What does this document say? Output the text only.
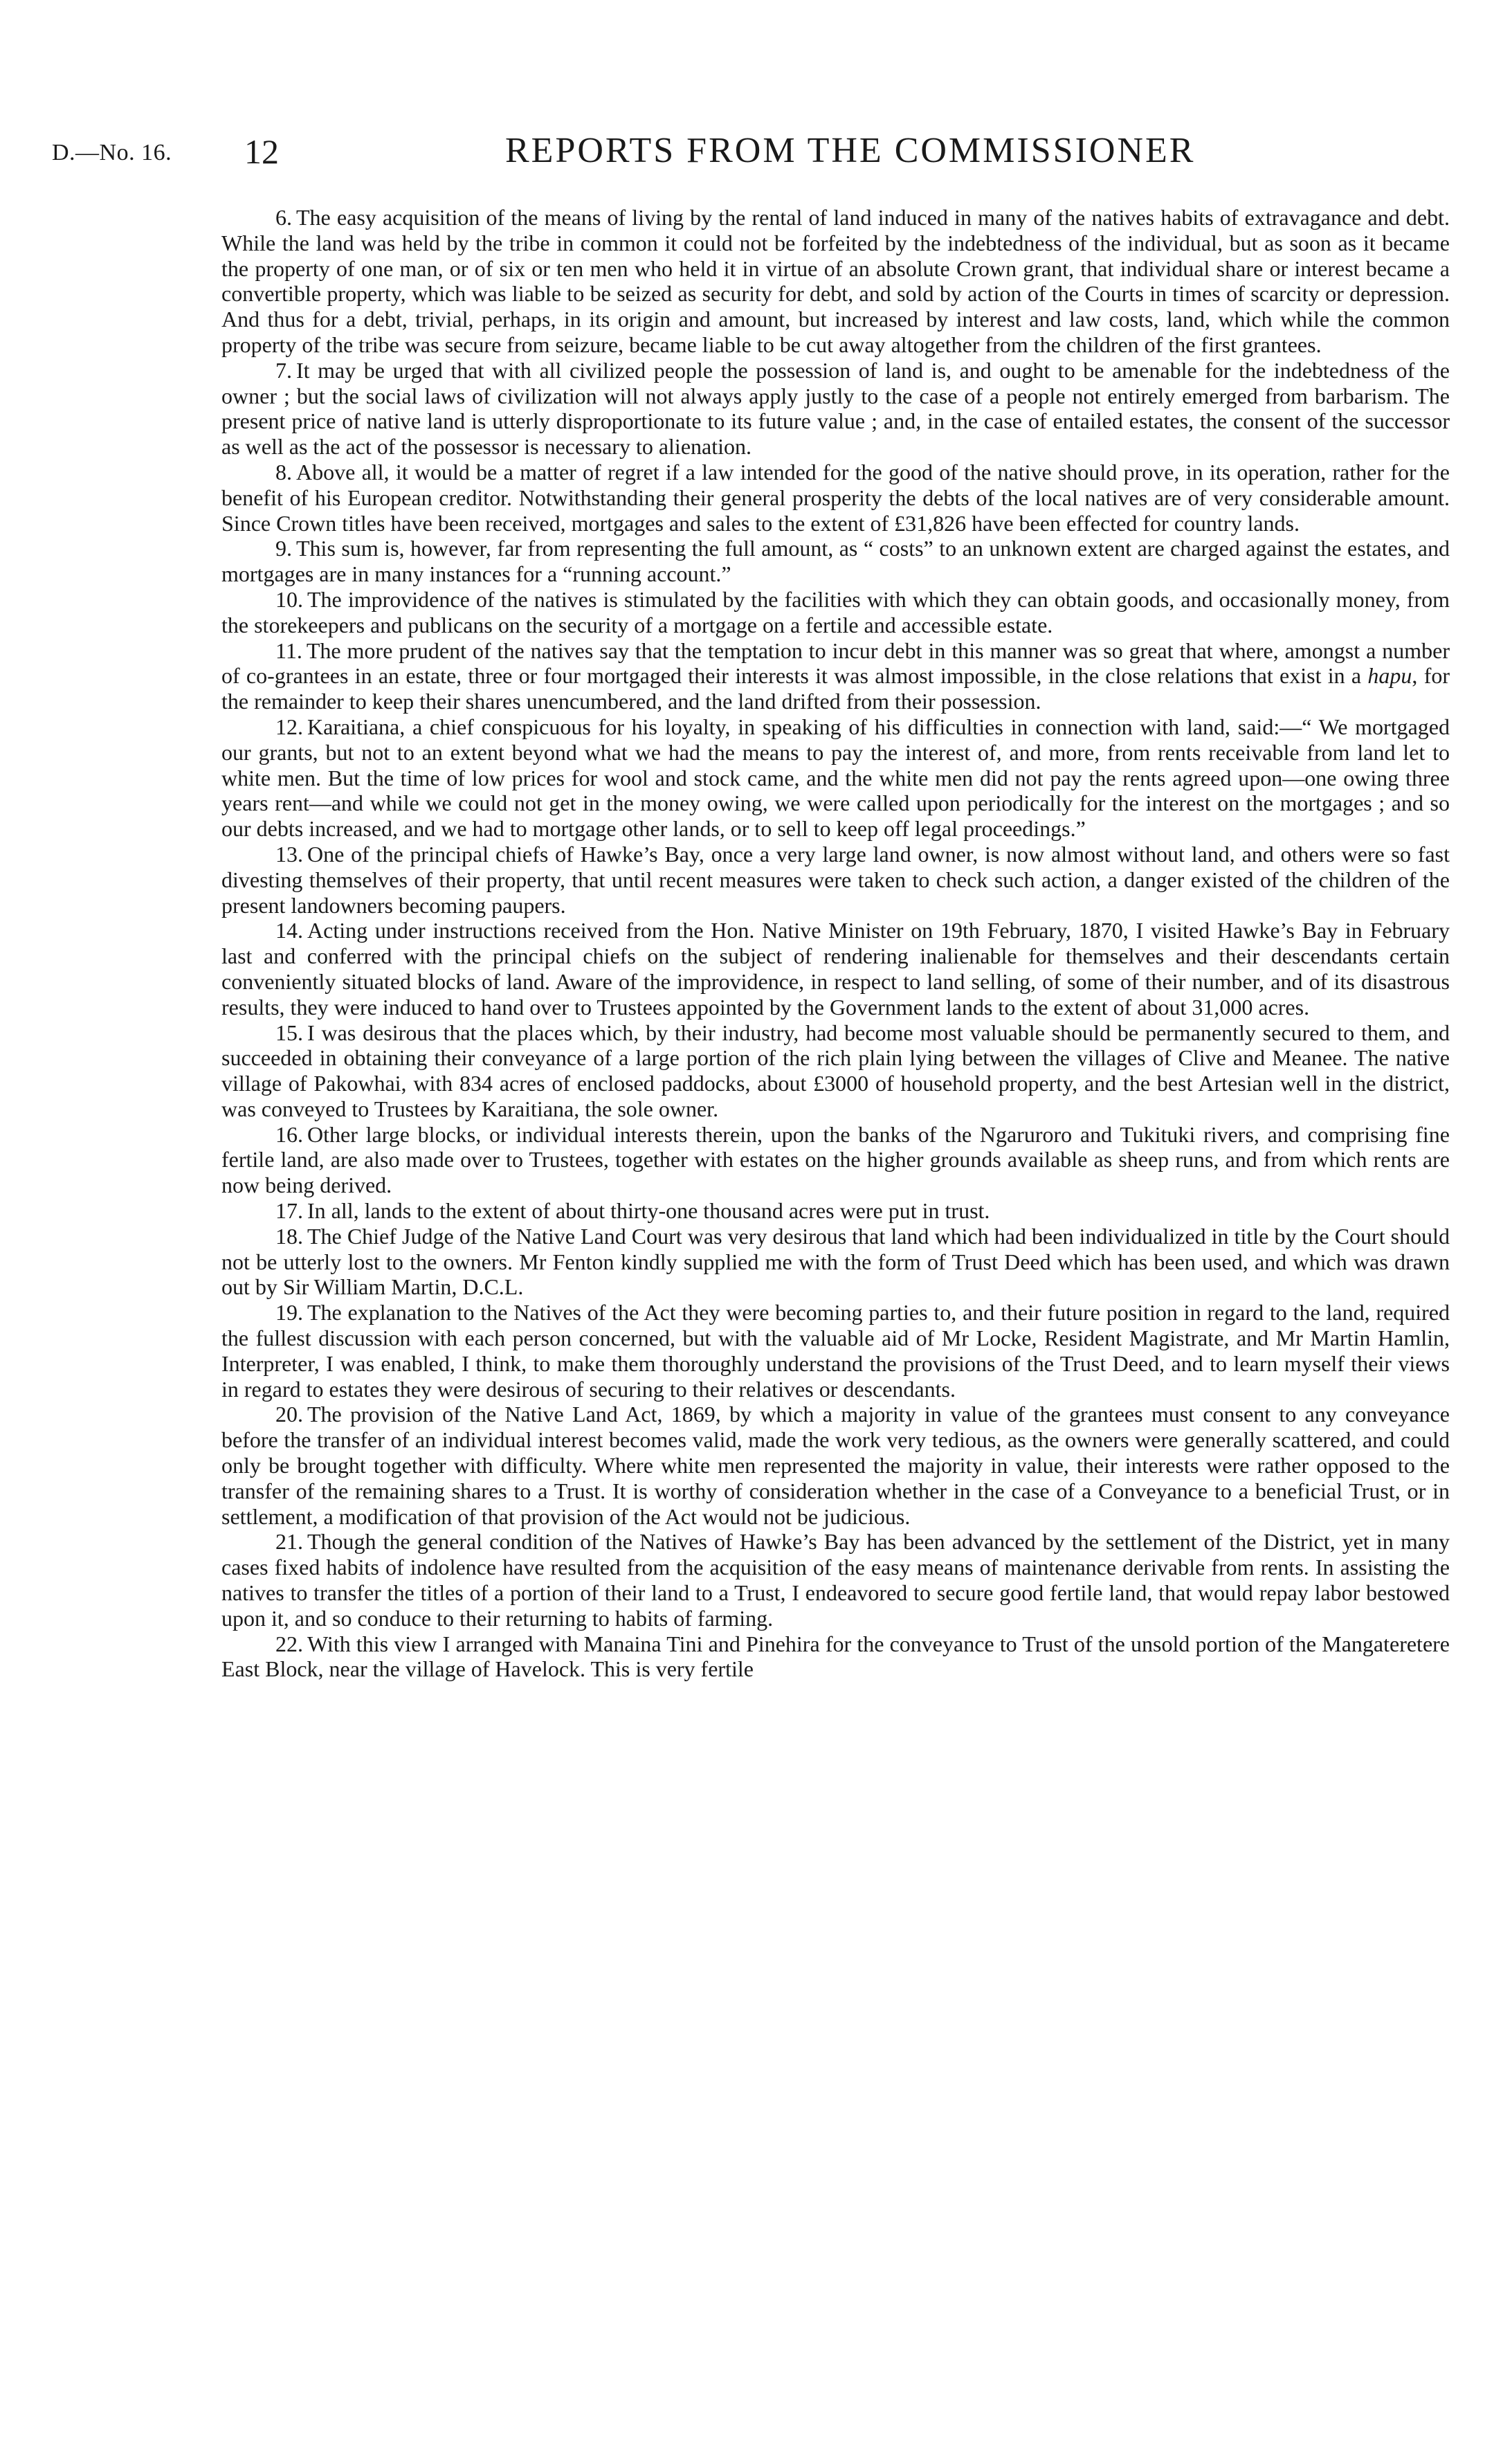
D.—No. 16. 12	REPORTS FROM THE COMMISSIONER

6. The easy acquisition of the means of living by the rental of land induced in many of the natives habits of extravagance and debt. While the land was held by the tribe in common it could not be forfeited by the indebtedness of the individual, but as soon as it became the property of one man, or of six or ten men who held it in virtue of an absolute Crown grant, that individual share or interest became a convertible property, which was liable to be seized as security for debt, and sold by action of the Courts in times of scarcity or depression. And thus for a debt, trivial, perhaps, in its origin and amount, but increased by interest and law costs, land, which while the common property of the tribe was secure from seizure, became liable to be cut away altogether from the children of the first grantees.

7. It may be urged that with all civilized people the possession of land is, and ought to be amenable for the indebtedness of the owner ; but the social laws of civilization will not always apply justly to the case of a people not entirely emerged from barbarism. The present price of native land is utterly disproportionate to its future value ; and, in the case of entailed estates, the consent of the successor as well as the act of the possessor is necessary to alienation.

8. Above all, it would be a matter of regret if a law intended for the good of the native should prove, in its operation, rather for the benefit of his European creditor. Notwithstanding their general prosperity the debts of the local natives are of very considerable amount. Since Crown titles have been received, mortgages and sales to the extent of £31,826 have been effected for country lands.

9. This sum is, however, far from representing the full amount, as “ costs” to an unknown extent are charged against the estates, and mortgages are in many instances for a “running account.”

10. The improvidence of the natives is stimulated by the facilities with which they can obtain goods, and occasionally money, from the storekeepers and publicans on the security of a mortgage on a fertile and accessible estate.

11. The more prudent of the natives say that the temptation to incur debt in this manner was so great that where, amongst a number of co-grantees in an estate, three or four mortgaged their interests it was almost impossible, in the close relations that exist in a hapu, for the remainder to keep their shares unencumbered, and the land drifted from their possession.

12. Karaitiana, a chief conspicuous for his loyalty, in speaking of his difficulties in connection with land, said:—“ We mortgaged our grants, but not to an extent beyond what we had the means to pay the interest of, and more, from rents receivable from land let to white men. But the time of low prices for wool and stock came, and the white men did not pay the rents agreed upon—one owing three years rent—and while we could not get in the money owing, we were called upon periodically for the interest on the mortgages ; and so our debts increased, and we had to mortgage other lands, or to sell to keep off legal proceedings.”

13. One of the principal chiefs of Hawke’s Bay, once a very large land owner, is now almost without land, and others were so fast divesting themselves of their property, that until recent measures were taken to check such action, a danger existed of the children of the present landowners becoming paupers.

14. Acting under instructions received from the Hon. Native Minister on 19th February, 1870, I visited Hawke’s Bay in February last and conferred with the principal chiefs on the subject of rendering inalienable for themselves and their descendants certain conveniently situated blocks of land. Aware of the improvidence, in respect to land selling, of some of their number, and of its disastrous results, they were induced to hand over to Trustees appointed by the Government lands to the extent of about 31,000 acres.

15. I was desirous that the places which, by their industry, had become most valuable should be permanently secured to them, and succeeded in obtaining their conveyance of a large portion of the rich plain lying between the villages of Clive and Meanee. The native village of Pakowhai, with 834 acres of enclosed paddocks, about £3000 of household property, and the best Artesian well in the district, was conveyed to Trustees by Karaitiana, the sole owner.

16. Other large blocks, or individual interests therein, upon the banks of the Ngaruroro and Tukituki rivers, and comprising fine fertile land, are also made over to Trustees, together with estates on the higher grounds available as sheep runs, and from which rents are now being derived.

17. In all, lands to the extent of about thirty-one thousand acres were put in trust.

18. The Chief Judge of the Native Land Court was very desirous that land which had been individualized in title by the Court should not be utterly lost to the owners. Mr Fenton kindly supplied me with the form of Trust Deed which has been used, and which was drawn out by Sir William Martin, D.C.L.

19. The explanation to the Natives of the Act they were becoming parties to, and their future position in regard to the land, required the fullest discussion with each person concerned, but with the valuable aid of Mr Locke, Resident Magistrate, and Mr Martin Hamlin, Interpreter, I was enabled, I think, to make them thoroughly understand the provisions of the Trust Deed, and to learn myself their views in regard to estates they were desirous of securing to their relatives or descendants.

20. The provision of the Native Land Act, 1869, by which a majority in value of the grantees must consent to any conveyance before the transfer of an individual interest becomes valid, made the work very tedious, as the owners were generally scattered, and could only be brought together with difficulty. Where white men represented the majority in value, their interests were rather opposed to the transfer of the remaining shares to a Trust. It is worthy of consideration whether in the case of a Conveyance to a beneficial Trust, or in settlement, a modification of that provision of the Act would not be judicious.

21. Though the general condition of the Natives of Hawke’s Bay has been advanced by the settlement of the District, yet in many cases fixed habits of indolence have resulted from the acquisition of the easy means of maintenance derivable from rents. In assisting the natives to transfer the titles of a portion of their land to a Trust, I endeavored to secure good fertile land, that would repay labor bestowed upon it, and so conduce to their returning to habits of farming.

22. With this view I arranged with Manaina Tini and Pinehira for the conveyance to Trust of the unsold portion of the Mangateretere East Block, near the village of Havelock. This is very fertile
